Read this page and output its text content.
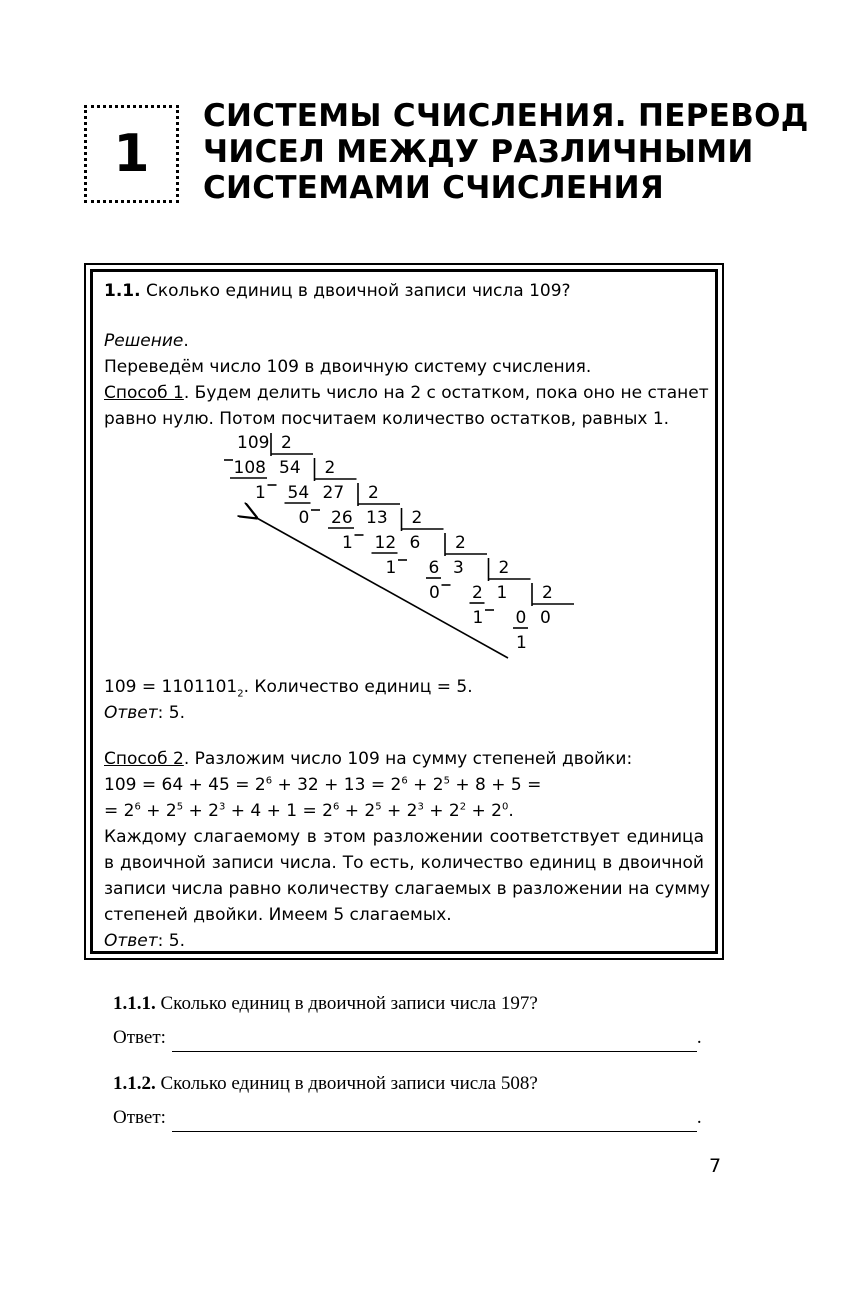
1
СИСТЕМЫ СЧИСЛЕНИЯ. ПЕРЕВОД
ЧИСЕЛ МЕЖДУ РАЗЛИЧНЫМИ
СИСТЕМАМИ СЧИСЛЕНИЯ
1.1. Сколько единиц в двоичной записи числа 109?
Решение.
Переведём число 109 в двоичную систему счисления.
Способ 1. Будем делить число на 2 с остатком, пока оно не станет
равно нулю. Потом посчитаем количество остатков, равных 1.
109
108
1
2
54
54
0
2
27
26
1
2
13
12
1
2
6
6
0
2
3
2
1
2
1
0
1
2
0
$109 = 1101101_2$. Количество единиц = 5.
Ответ: 5.
Способ 2. Разложим число 109 на сумму степеней двойки:
$109 = 64 + 45 = 2^6 + 32 + 13 = 2^6 + 2^5 + 8 + 5$ =
= $2^6 + 2^5 + 2^3 + 4 + 1 = 2^6 + 2^5 + 2^3 + 2^2 + 2^0$.
Каждому слагаемому в этом разложении соответствует единица
в двоичной записи числа. То есть, количество единиц в двоичной
записи числа равно количеству слагаемых в разложении на сумму
степеней двойки. Имеем 5 слагаемых.
Ответ: 5.
1.1.1. Сколько единиц в двоичной записи числа 197?
Ответ:	.
1.1.2. Сколько единиц в двоичной записи числа 508?
Ответ:	.
7
